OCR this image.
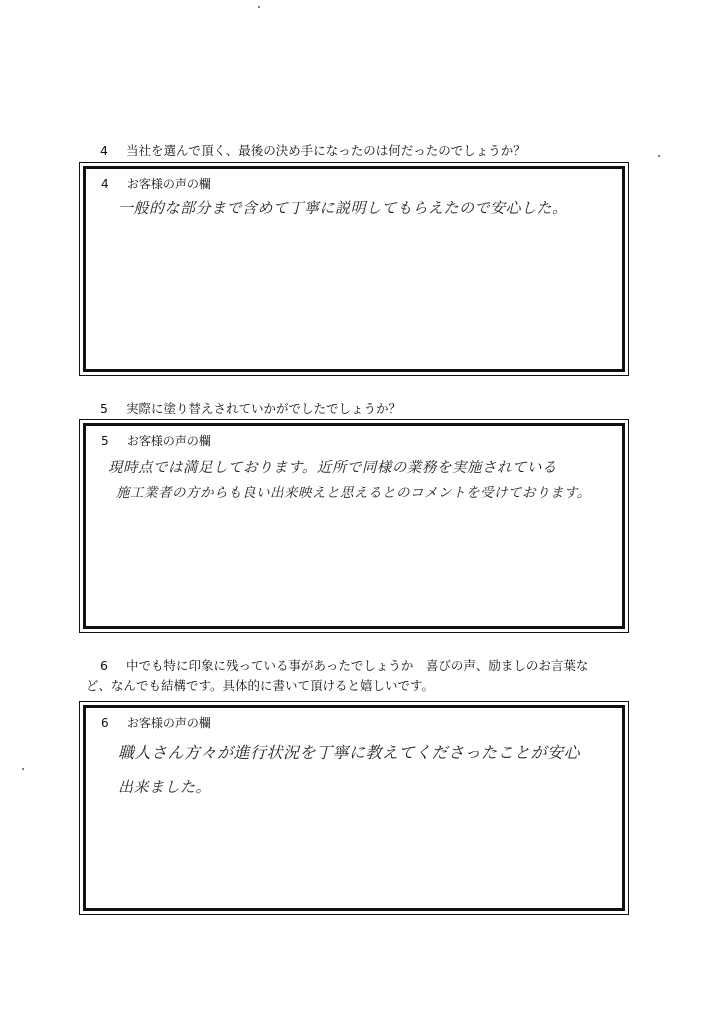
4 当社を選んで頂く、最後の決め手になったのは何だったのでしょうか？
4 お客様の声の欄
一般的な部分まで含めて丁寧に説明してもらえたので安心した。
5 実際に塗り替えされていかがでしたでしょうか？
5 お客様の声の欄
現時点では満足しております。近所で同様の業務を実施されている
施工業者の方からも良い出来映えと思えるとのコメントを受けております。
6 中でも特に印象に残っている事があったでしょうか　喜びの声、励ましのお言葉な
ど、なんでも結構です。具体的に書いて頂けると嬉しいです。
6 お客様の声の欄
職人さん方々が進行状況を丁寧に教えてくださったことが安心
出来ました。
